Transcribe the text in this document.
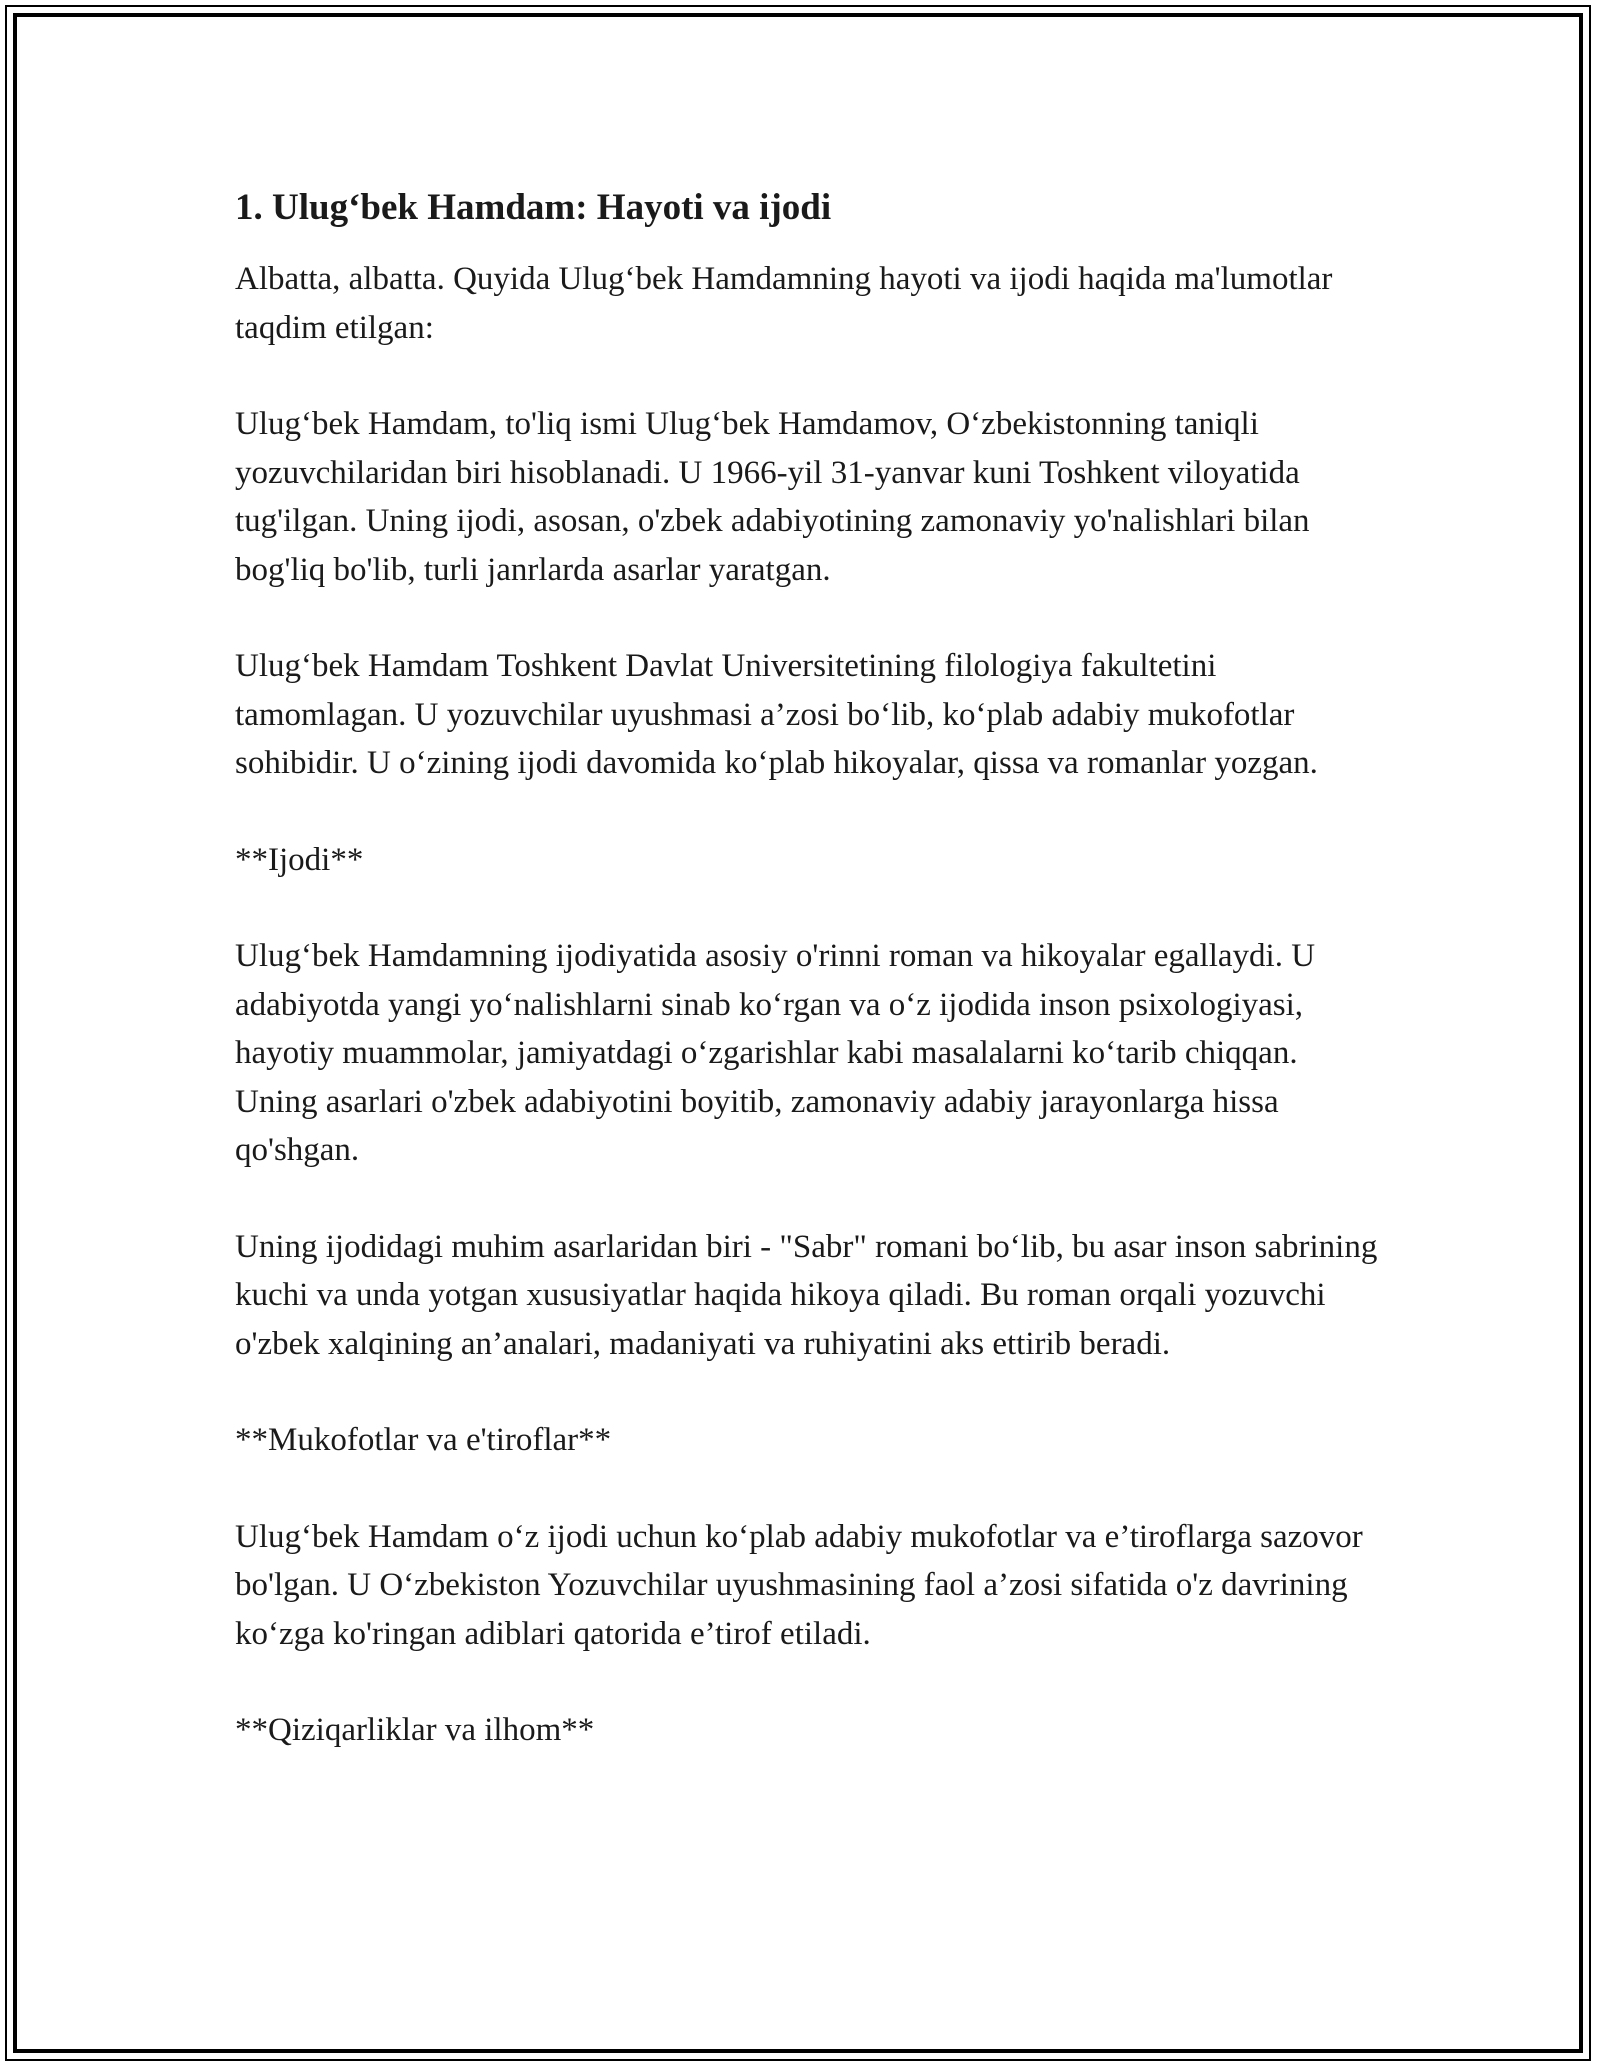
1. Ulug‘bek Hamdam: Hayoti va ijodi

Albatta, albatta. Quyida Ulug‘bek Hamdamning hayoti va ijodi haqida ma'lumotlar taqdim etilgan:

Ulug‘bek Hamdam, to'liq ismi Ulug‘bek Hamdamov, O‘zbekistonning taniqli yozuvchilaridan biri hisoblanadi. U 1966-yil 31-yanvar kuni Toshkent viloyatida tug'ilgan. Uning ijodi, asosan, o'zbek adabiyotining zamonaviy yo'nalishlari bilan bog'liq bo'lib, turli janrlarda asarlar yaratgan.

Ulug‘bek Hamdam Toshkent Davlat Universitetining filologiya fakultetini tamomlagan. U yozuvchilar uyushmasi a’zosi bo‘lib, ko‘plab adabiy mukofotlar sohibidir. U o‘zining ijodi davomida ko‘plab hikoyalar, qissa va romanlar yozgan.

**Ijodi**

Ulug‘bek Hamdamning ijodiyatida asosiy o'rinni roman va hikoyalar egallaydi. U adabiyotda yangi yo‘nalishlarni sinab ko‘rgan va o‘z ijodida inson psixologiyasi, hayotiy muammolar, jamiyatdagi o‘zgarishlar kabi masalalarni ko‘tarib chiqqan. Uning asarlari o'zbek adabiyotini boyitib, zamonaviy adabiy jarayonlarga hissa qo'shgan.

Uning ijodidagi muhim asarlaridan biri - "Sabr" romani bo‘lib, bu asar inson sabrining kuchi va unda yotgan xususiyatlar haqida hikoya qiladi. Bu roman orqali yozuvchi o'zbek xalqining an’analari, madaniyati va ruhiyatini aks ettirib beradi.

**Mukofotlar va e'tiroflar**

Ulug‘bek Hamdam o‘z ijodi uchun ko‘plab adabiy mukofotlar va e’tiroflarga sazovor bo'lgan. U O‘zbekiston Yozuvchilar uyushmasining faol a’zosi sifatida o'z davrining ko‘zga ko'ringan adiblari qatorida e’tirof etiladi.

**Qiziqarliklar va ilhom**
